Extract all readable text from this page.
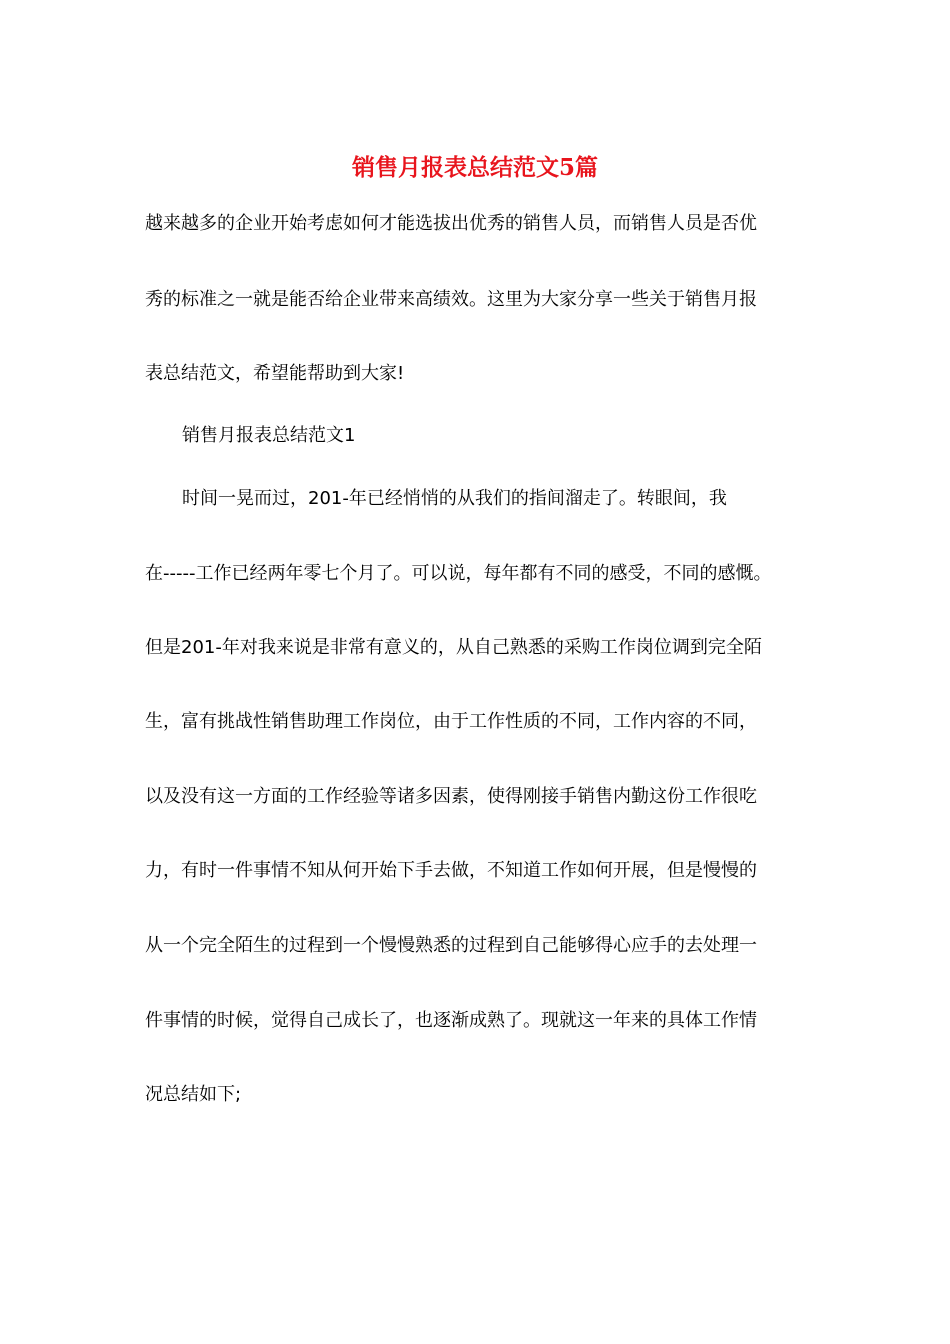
销售月报表总结范文5篇
越来越多的企业开始考虑如何才能选拔出优秀的销售人员，而销售人员是否优
秀的标准之一就是能否给企业带来高绩效。这里为大家分享一些关于销售月报
表总结范文，希望能帮助到大家!
销售月报表总结范文1
时间一晃而过，201-年已经悄悄的从我们的指间溜走了。转眼间，我
在-----工作已经两年零七个月了。可以说，每年都有不同的感受，不同的感慨。
但是201-年对我来说是非常有意义的，从自己熟悉的采购工作岗位调到完全陌
生，富有挑战性销售助理工作岗位，由于工作性质的不同，工作内容的不同，
以及没有这一方面的工作经验等诸多因素，使得刚接手销售内勤这份工作很吃
力，有时一件事情不知从何开始下手去做，不知道工作如何开展，但是慢慢的
从一个完全陌生的过程到一个慢慢熟悉的过程到自己能够得心应手的去处理一
件事情的时候，觉得自己成长了，也逐渐成熟了。现就这一年来的具体工作情
况总结如下;
